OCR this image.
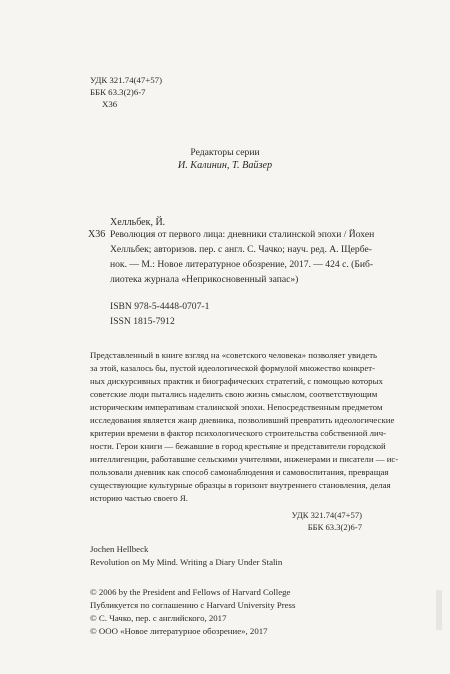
УДК 321.74(47+57)
ББК 63.3(2)6-7
Х36
Редакторы серии
И. Калинин, Т. Вайзер
Хелльбек, Й.
Х36 Революция от первого лица: дневники сталинской эпохи / Йохен
Хелльбек; авторизов. пер. с англ. С. Чачко; науч. ред. А. Щербе-
нок. — М.: Новое литературное обозрение, 2017. — 424 с. (Биб-
лиотека журнала «Неприкосновенный запас»)
ISBN 978-5-4448-0707-1
ISSN 1815-7912
Представленный в книге взгляд на «советского человека» позволяет увидеть
за этой, казалось бы, пустой идеологической формулой множество конкрет-
ных дискурсивных практик и биографических стратегий, с помощью которых
советские люди пытались наделить свою жизнь смыслом, соответствующим
историческим императивам сталинской эпохи. Непосредственным предметом
исследования является жанр дневника, позволивший превратить идеологические
критерии времени в фактор психологического строительства собственной лич-
ности. Герои книги — бежавшие в город крестьяне и представители городской
интеллигенции, работавшие сельскими учителями, инженерами и писатели — ис-
пользовали дневник как способ самонаблюдения и самовоспитания, превращая
существующие культурные образцы в горизонт внутреннего становления, делая
историю частью своего Я.
УДК 321.74(47+57)
ББК 63.3(2)6-7
Jochen Hellbeck
Revolution on My Mind. Writing a Diary Under Stalin
© 2006 by the President and Fellows of Harvard College
Публикуется по соглашению с Harvard University Press
© С. Чачко, пер. с английского, 2017
© ООО «Новое литературное обозрение», 2017
